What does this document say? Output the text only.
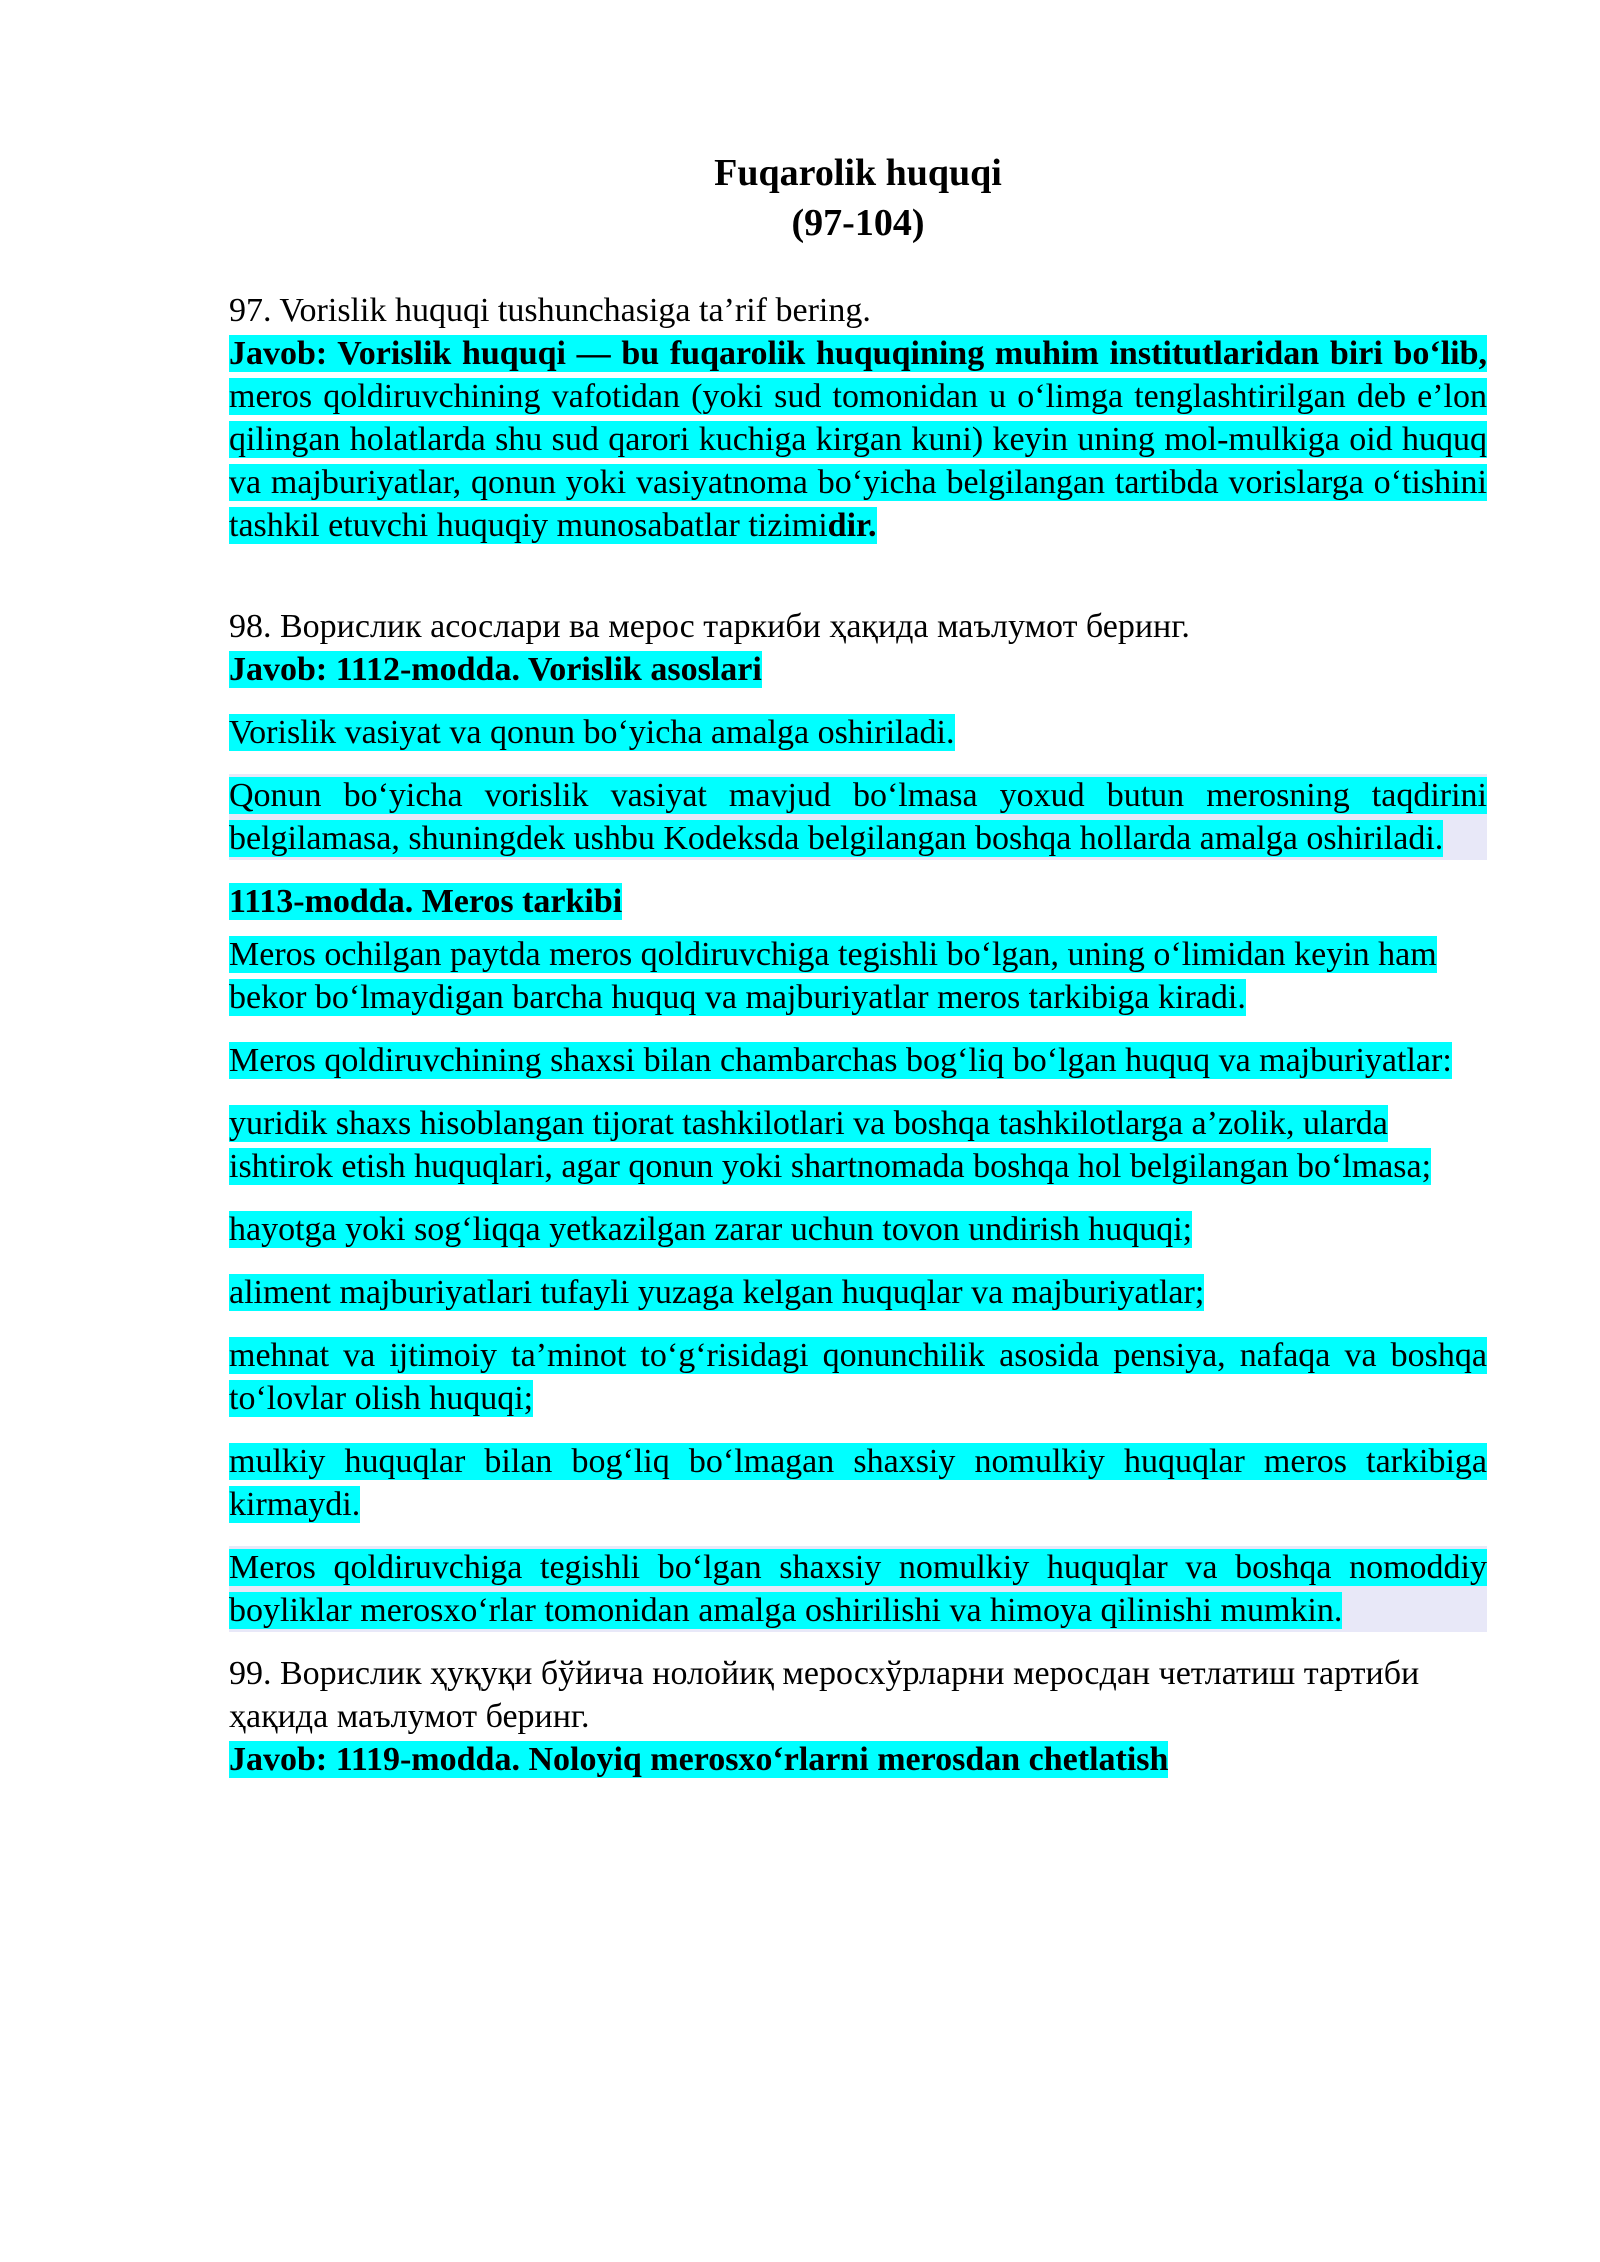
Fuqarolik huquqi
(97-104)

97. Vorislik huquqi tushunchasiga ta’rif bering.

Javob: Vorislik huquqi — bu fuqarolik huquqining muhim institutlaridan biri bo‘lib, meros qoldiruvchining vafotidan (yoki sud tomonidan u o‘limga tenglashtirilgan deb e’lon qilingan holatlarda shu sud qarori kuchiga kirgan kuni) keyin uning mol-mulkiga oid huquq va majburiyatlar, qonun yoki vasiyatnoma bo‘yicha belgilangan tartibda vorislarga o‘tishini tashkil etuvchi huquqiy munosabatlar tizimidir.

98. Ворислик асослари ва мерос таркиби ҳақида маълумот беринг.

Javob: 1112-modda. Vorislik asoslari

Vorislik vasiyat va qonun bo‘yicha amalga oshiriladi.

Qonun bo‘yicha vorislik vasiyat mavjud bo‘lmasa yoxud butun merosning taqdirini belgilamasa, shuningdek ushbu Kodeksda belgilangan boshqa hollarda amalga oshiriladi.

1113-modda. Meros tarkibi

Meros ochilgan paytda meros qoldiruvchiga tegishli bo‘lgan, uning o‘limidan keyin ham bekor bo‘lmaydigan barcha huquq va majburiyatlar meros tarkibiga kiradi.

Meros qoldiruvchining shaxsi bilan chambarchas bog‘liq bo‘lgan huquq va majburiyatlar:

yuridik shaxs hisoblangan tijorat tashkilotlari va boshqa tashkilotlarga a’zolik, ularda ishtirok etish huquqlari, agar qonun yoki shartnomada boshqa hol belgilangan bo‘lmasa;

hayotga yoki sog‘liqqa yetkazilgan zarar uchun tovon undirish huquqi;

aliment majburiyatlari tufayli yuzaga kelgan huquqlar va majburiyatlar;

mehnat va ijtimoiy ta’minot to‘g‘risidagi qonunchilik asosida pensiya, nafaqa va boshqa to‘lovlar olish huquqi;

mulkiy huquqlar bilan bog‘liq bo‘lmagan shaxsiy nomulkiy huquqlar meros tarkibiga kirmaydi.

Meros qoldiruvchiga tegishli bo‘lgan shaxsiy nomulkiy huquqlar va boshqa nomoddiy boyliklar merosxo‘rlar tomonidan amalga oshirilishi va himoya qilinishi mumkin.

99. Ворислик ҳуқуқи бўйича нолойиқ меросхўрларни меросдан четлатиш тартиби ҳақида маълумот беринг.

Javob: 1119-modda. Noloyiq merosxo‘rlarni merosdan chetlatish
